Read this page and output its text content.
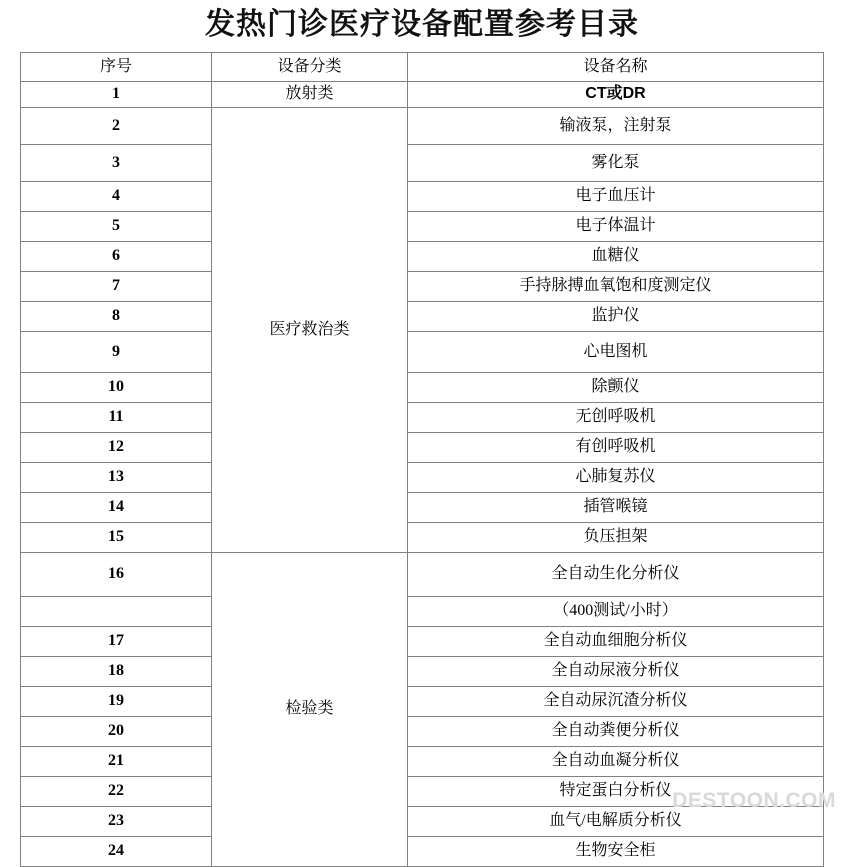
发热门诊医疗设备配置参考目录
序号	设备分类	设备名称
1	放射类	CT或DR
2	医疗救治类	输液泵，注射泵
3		雾化泵
4		电子血压计
5		电子体温计
6		血糖仪
7		手持脉搏血氧饱和度测定仪
8		监护仪
9		心电图机
10		除颤仪
11		无创呼吸机
12		有创呼吸机
13		心肺复苏仪
14		插管喉镜
15		负压担架
16	检验类	全自动生化分析仪
		（400测试/小时）
17		全自动血细胞分析仪
18		全自动尿液分析仪
19		全自动尿沉渣分析仪
20		全自动粪便分析仪
21		全自动血凝分析仪
22		特定蛋白分析仪
23		血气/电解质分析仪
24		生物安全柜
DESTOON.COM
